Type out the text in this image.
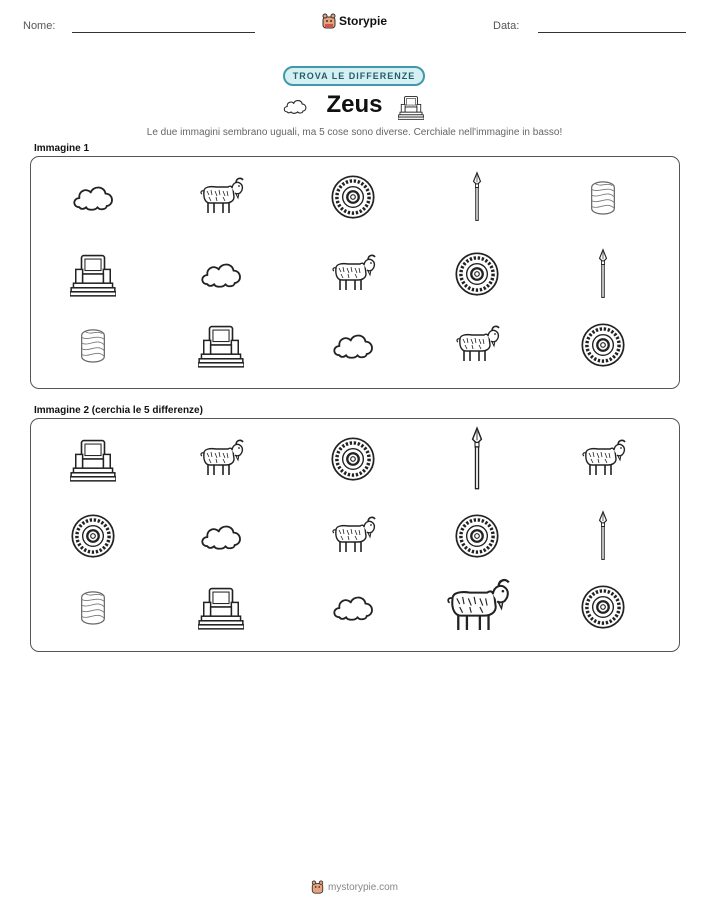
Nome:	Storypie	Data:
TROVA LE DIFFERENZE
Zeus
Le due immagini sembrano uguali, ma 5 cose sono diverse. Cerchiale nell'immagine in basso!
Immagine 1
Immagine 2 (cerchia le 5 differenze)
mystorypie.com
